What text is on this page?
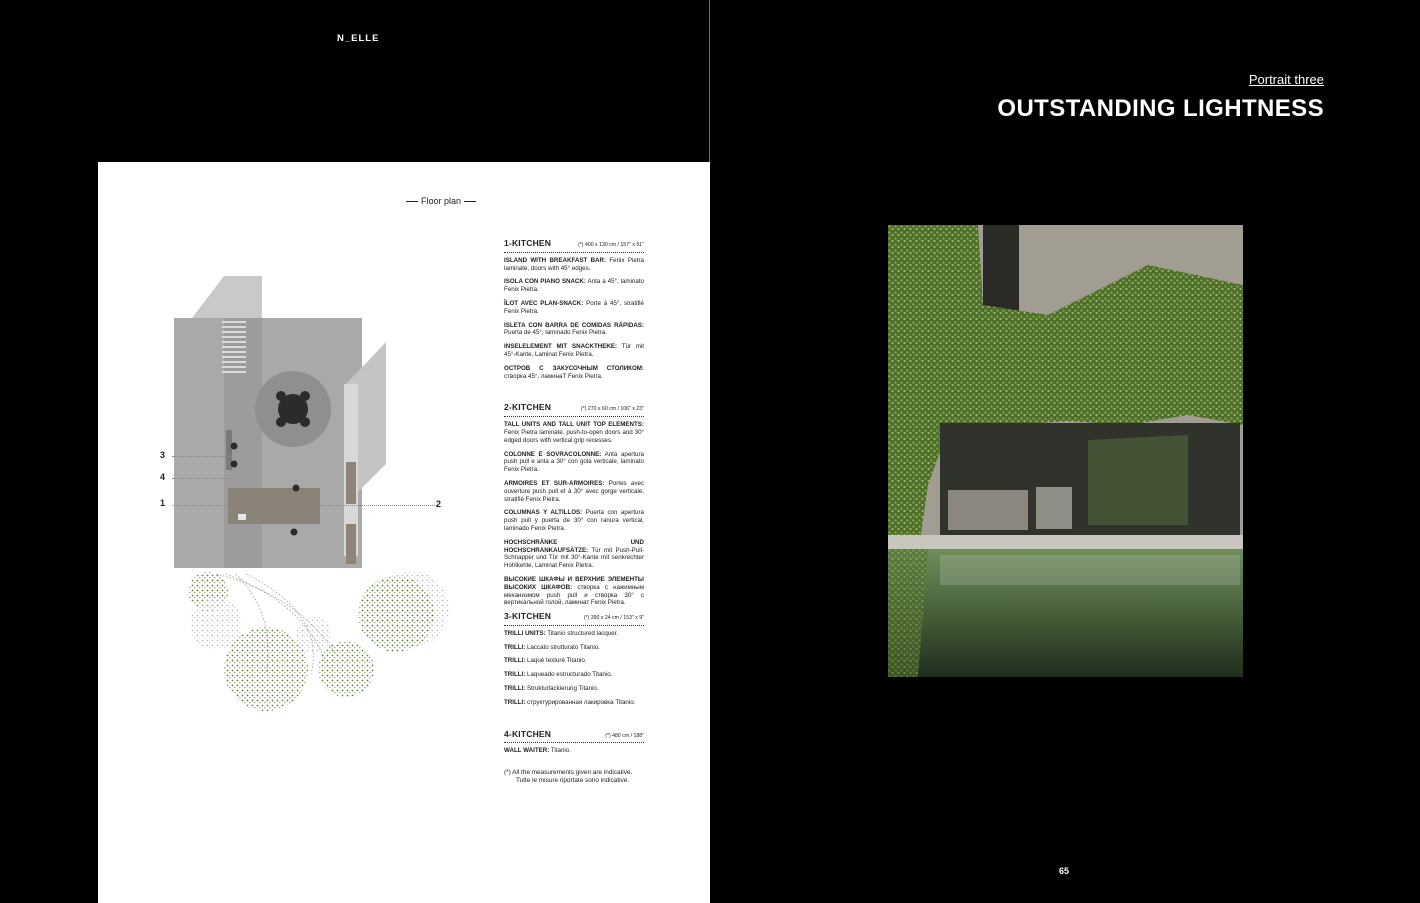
N_ELLE
Floor plan
3
4
1	2
1-KITCHEN	(*) 400 x 130 cm / 157" x 51"
ISLAND WITH BREAKFAST BAR: Fenix Pietra laminate, doors with 45° edges.
ISOLA CON PIANO SNACK: Anta a 45°, laminato Fenix Pietra.
ÎLOT AVEC PLAN-SNACK: Porte à 45°, stratifié Fenix Pietra.
ISLETA CON BARRA DE COMIDAS RÁPIDAS: Puerta de 45°, laminado Fenix Pietra.
INSELELEMENT MIT SNACKTHEKE: Tür mit 45°-Kante, Laminat Fenix Pietra.
ОСТРОВ С ЗАКУСОЧНЫМ СТОЛИКОМ: створка 45°, ламинаТ Fenix Pietra.
2-KITCHEN	(*) 270 x 60 cm / 106" x 23"
TALL UNITS AND TALL UNIT TOP ELEMENTS: Fenix Pietra laminate, push-to-open doors and 30° edged doors with vertical grip recesses.
COLONNE E SOVRACOLONNE: Anta apertura push pull e anta a 30° con gola verticale, laminato Fenix Pietra.
ARMOIRES ET SUR-ARMOIRES: Portes avec ouverture push pull et à 30° avec gorge verticale, stratifié Fenix Pietra.
COLUMNAS Y ALTILLOS: Puerta con apertura push pull y puerta de 30° con ranura vertical, laminado Fenix Pietra.
HOCHSCHRÄNKE UND HOCHSCHRANKAUFSÄTZE: Tür mit Push-Pull-Schnapper und Tür mit 30°-Kante mit senkrechter Hohlkehle, Laminat Fenix Pietra.
ВЫСОКИЕ ШКАФЫ И ВЕРХНИЕ ЭЛЕМЕНТЫ ВЫСОКИХ ШКАФОВ: створка с нажимным механизмом push pull и створка 30° с вертикальной голой, ламинат Fenix Pietra.
3-KITCHEN	(*) 390 x 24 cm / 153" x 9"
TRILLI UNITS: Titanio structured lacquer.
TRILLI: Laccato strutturato Titanio.
TRILLI: Laqué texturé Titanio.
TRILLI: Laqueado estructurado Titanio.
TRILLI: Strukturlackierung Titanio.
TRILLI: структурированная лакировка Titanio.
4-KITCHEN	(*) 480 cm / 188"
WALL WAITER: Titanio.
(*) All the measurements given are indicative.
Tutte le misure riportate sono indicative.
Portrait three
OUTSTANDING LIGHTNESS
65
